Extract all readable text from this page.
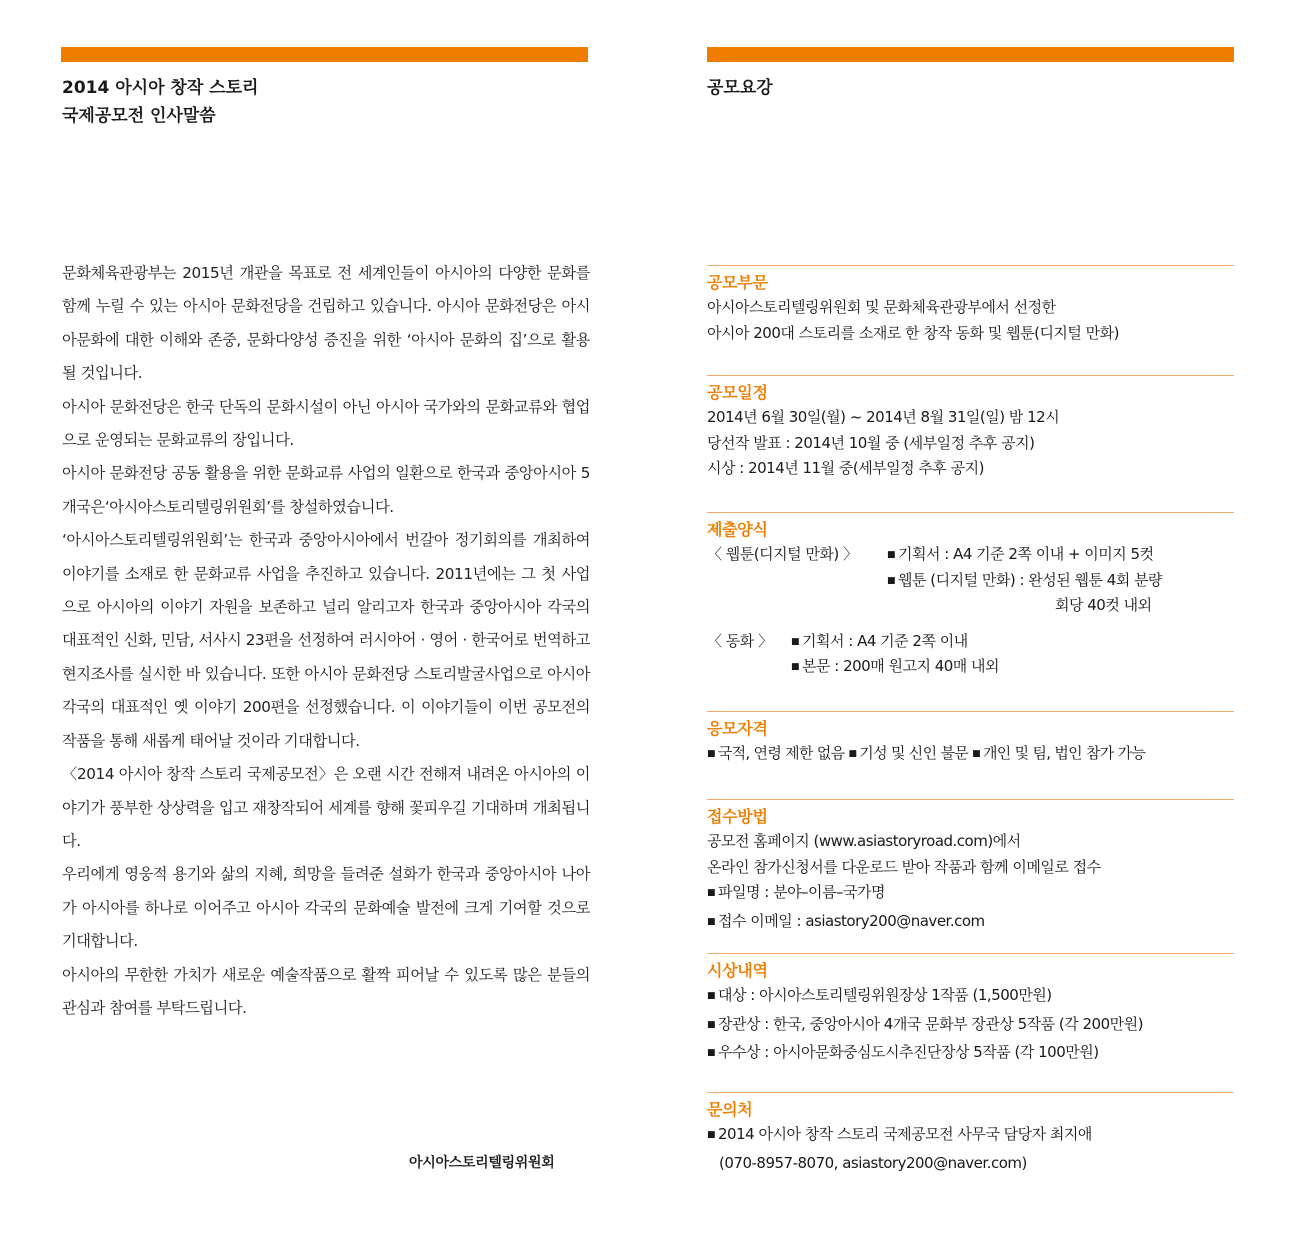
2014 아시아 창작 스토리
국제공모전 인사말씀

문화체육관광부는 2015년 개관을 목표로 전 세계인들이 아시아의 다양한 문화를 함께 누릴 수 있는 아시아 문화전당을 건립하고 있습니다. 아시아 문화전당은 아시아문화에 대한 이해와 존중, 문화다양성 증진을 위한 ‘아시아 문화의 집’으로 활용될 것입니다.

아시아 문화전당은 한국 단독의 문화시설이 아닌 아시아 국가와의 문화교류와 협업으로 운영되는 문화교류의 장입니다.

아시아 문화전당 공동 활용을 위한 문화교류 사업의 일환으로 한국과 중앙아시아 5개국은‘아시아스토리텔링위원회’를 창설하였습니다.

‘아시아스토리텔링위원회’는 한국과 중앙아시아에서 번갈아 정기회의를 개최하여 이야기를 소재로 한 문화교류 사업을 추진하고 있습니다. 2011년에는 그 첫 사업으로 아시아의 이야기 자원을 보존하고 널리 알리고자 한국과 중앙아시아 각국의 대표적인 신화, 민담, 서사시 23편을 선정하여 러시아어 · 영어 · 한국어로 번역하고 현지조사를 실시한 바 있습니다. 또한 아시아 문화전당 스토리발굴사업으로 아시아 각국의 대표적인 옛 이야기 200편을 선정했습니다. 이 이야기들이 이번 공모전의 작품을 통해 새롭게 태어날 것이라 기대합니다.

〈2014 아시아 창작 스토리 국제공모전〉은 오랜 시간 전해져 내려온 아시아의 이야기가 풍부한 상상력을 입고 재창작되어 세계를 향해 꽃피우길 기대하며 개최됩니다.

우리에게 영웅적 용기와 삶의 지혜, 희망을 들려준 설화가 한국과 중앙아시아 나아가 아시아를 하나로 이어주고 아시아 각국의 문화예술 발전에 크게 기여할 것으로 기대합니다.

아시아의 무한한 가치가 새로운 예술작품으로 활짝 피어날 수 있도록 많은 분들의 관심과 참여를 부탁드립니다.

아시아스토리텔링위원회
공모요강
공모부문
아시아스토리텔링위원회 및 문화체육관광부에서 선정한
아시아 200대 스토리를 소재로 한 창작 동화 및 웹툰(디지털 만화)
공모일정
2014년 6월 30일(월) ~ 2014년 8월 31일(일) 밤 12시
당선작 발표 : 2014년 10월 중 (세부일정 추후 공지)
시상 : 2014년 11월 중(세부일정 추후 공지)
제출양식
〈 웹툰(디지털 만화) 〉	■ 기획서 : A4 기준 2쪽 이내 + 이미지 5컷
■ 웹툰 (디지털 만화) : 완성된 웹툰 4회 분량
회당 40컷 내외
〈 동화 〉	■ 기획서 : A4 기준 2쪽 이내
■ 본문 : 200매 원고지 40매 내외
응모자격
■ 국적, 연령 제한 없음 ■ 기성 및 신인 불문 ■ 개인 및 팀, 법인 참가 가능
접수방법
공모전 홈페이지 (www.asiastoryroad.com)에서
온라인 참가신청서를 다운로드 받아 작품과 함께 이메일로 접수
■ 파일명 : 분야–이름–국가명
■ 접수 이메일 : asiastory200@naver.com
시상내역
■ 대상 : 아시아스토리텔링위원장상 1작품 (1,500만원)
■ 장관상 : 한국, 중앙아시아 4개국 문화부 장관상 5작품 (각 200만원)
■ 우수상 : 아시아문화중심도시추진단장상 5작품 (각 100만원)
문의처
■ 2014 아시아 창작 스토리 국제공모전 사무국 담당자 최지애
(070-8957-8070, asiastory200@naver.com)
